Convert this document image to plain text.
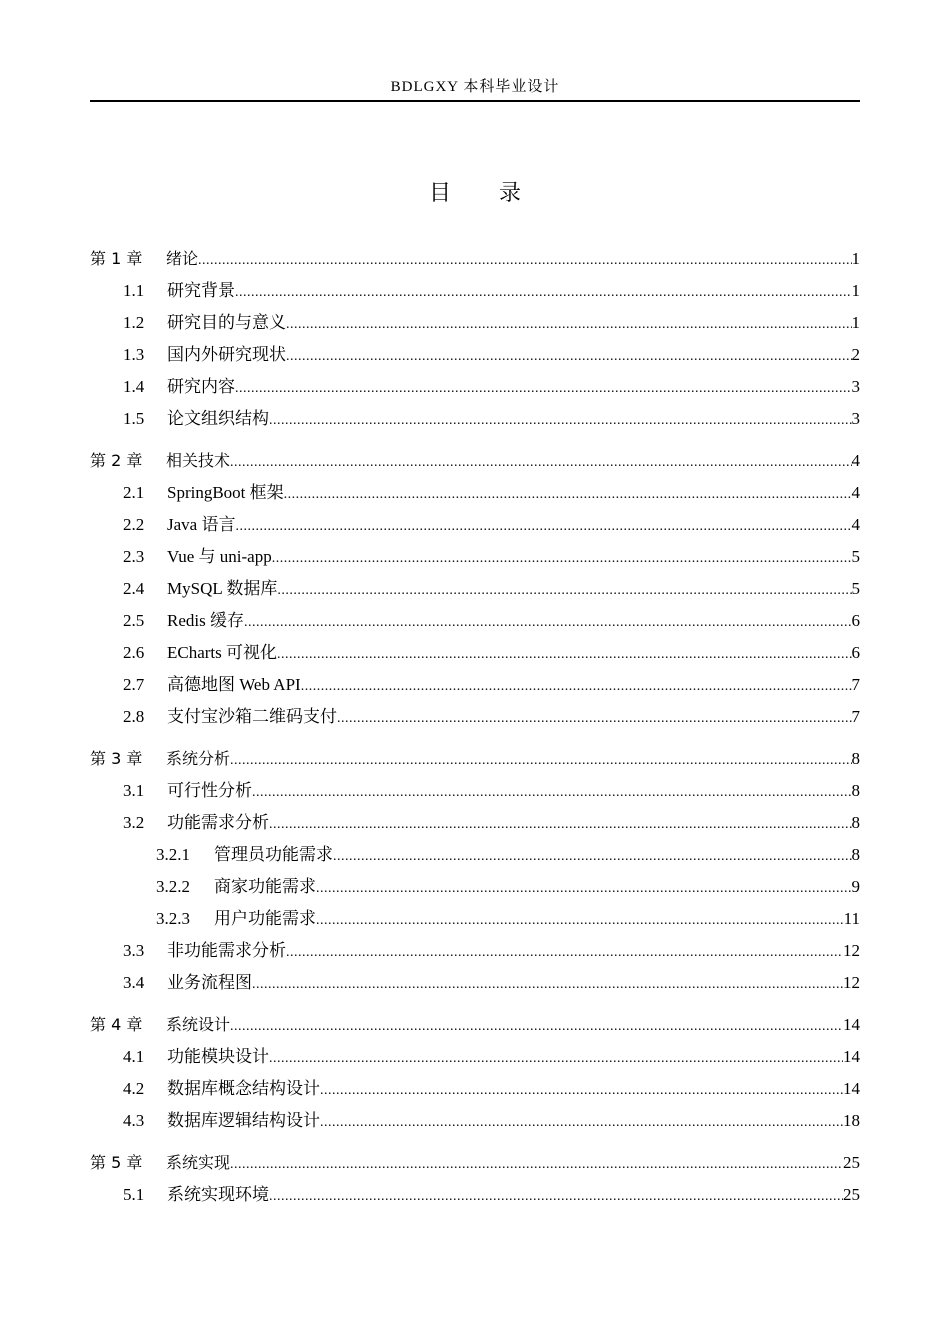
BDLGXY 本科毕业设计
目 录
第 1 章	绪论 .....	1
1.1	研究背景 .....	1
1.2	研究目的与意义 .....	1
1.3	国内外研究现状 .....	2
1.4	研究内容 .....	3
1.5	论文组织结构 .....	3
第 2 章	相关技术 .....	4
2.1	SpringBoot 框架 .....	4
2.2	Java 语言 .....	4
2.3	Vue 与 uni-app .....	5
2.4	MySQL 数据库 .....	5
2.5	Redis 缓存 .....	6
2.6	ECharts 可视化 .....	6
2.7	高德地图 Web API .....	7
2.8	支付宝沙箱二维码支付 .....	7
第 3 章	系统分析 .....	8
3.1	可行性分析 .....	8
3.2	功能需求分析 .....	8
3.2.1	管理员功能需求 .....	8
3.2.2	商家功能需求 .....	9
3.2.3	用户功能需求 .....	11
3.3	非功能需求分析 .....	12
3.4	业务流程图 .....	12
第 4 章	系统设计 .....	14
4.1	功能模块设计 .....	14
4.2	数据库概念结构设计 .....	14
4.3	数据库逻辑结构设计 .....	18
第 5 章	系统实现 .....	25
5.1	系统实现环境 .....	25
